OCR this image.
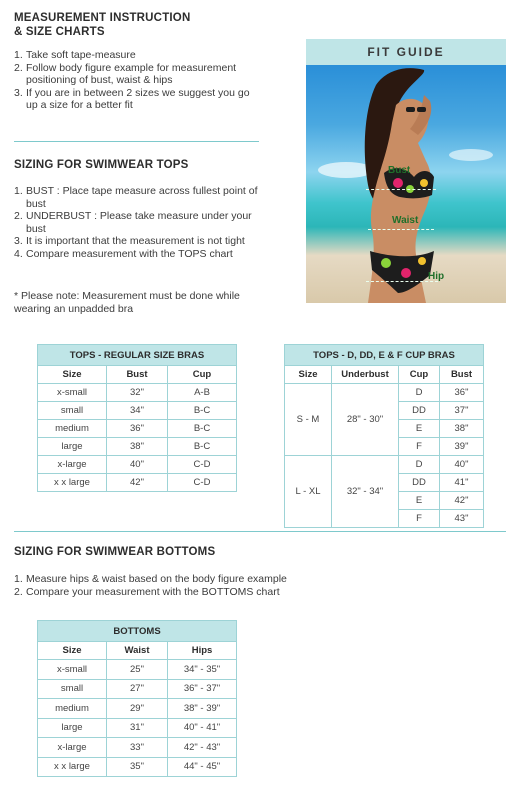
MEASUREMENT INSTRUCTION
& SIZE CHARTS
1. Take soft tape-measure
2. Follow body figure example for measurement positioning of bust, waist & hips
3. If you are in between 2 sizes we suggest you go up a size for a better fit
SIZING FOR SWIMWEAR TOPS
1. BUST : Place tape measure across fullest point of bust
2. UNDERBUST : Please take measure under your bust
3. It is important that the measurement is not tight
4. Compare measurement with the TOPS chart
* Please note: Measurement must be done while wearing an unpadded bra
FIT GUIDE
Bust
Waist
Hip
TOPS - REGULAR SIZE BRAS		
Size	Bust	Cup
x-small	32"	A-B
small	34"	B-C
medium	36"	B-C
large	38"	B-C
x-large	40"	C-D
x x large	42"	C-D
TOPS - D, DD, E & F CUP BRAS			
Size	Underbust	Cup	Bust
S - M	28" - 30"	D	36"
		DD	37"
		E	38"
		F	39"
L - XL	32" - 34"	D	40"
		DD	41"
		E	42"
		F	43"
SIZING FOR SWIMWEAR BOTTOMS
1. Measure hips & waist based on the body figure example
2. Compare your measurement with the BOTTOMS chart
BOTTOMS		
Size	Waist	Hips
x-small	25"	34" - 35"
small	27"	36" - 37"
medium	29"	38" - 39"
large	31"	40" - 41"
x-large	33"	42" - 43"
x x large	35"	44" - 45"
